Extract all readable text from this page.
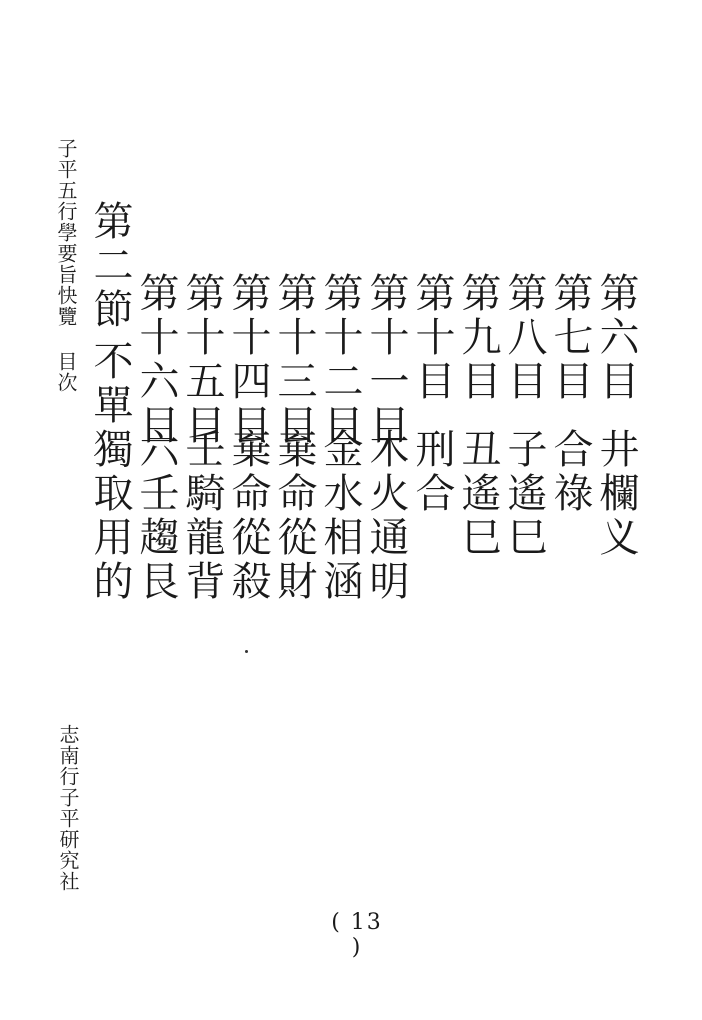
子平五行學要旨快覽目次	第六目井欄义
第七目合祿
第八目子遙巳
第九目丑遙巳
第十目刑合
第十一目木火通明
第十二目金水相涵
第十三目棄命從財
第十四目棄命從殺
第十五目壬騎龍背
第十六目六壬趨艮
第二節不單獨取用的
志南行子平研究社
( 13 )
